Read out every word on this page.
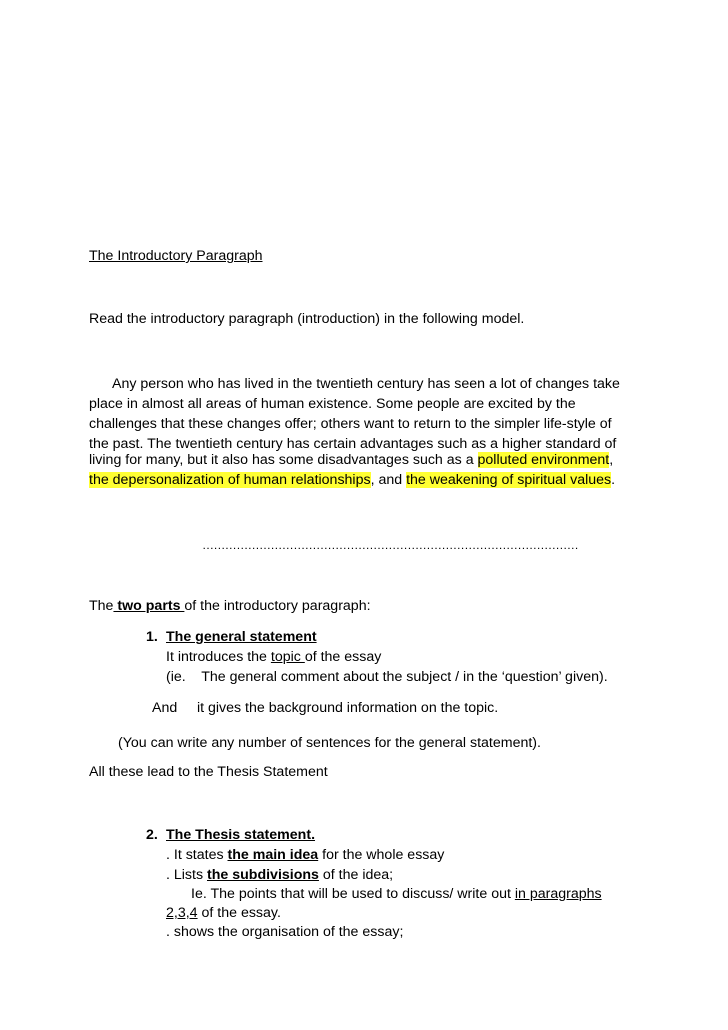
The Introductory Paragraph
Read the introductory paragraph (introduction) in the following model.
Any person who has lived in the twentieth century has seen a lot of changes take
place in almost all areas of human existence. Some people are excited by the
challenges that these changes offer; others want to return to the simpler life-style of
the past. The twentieth century has certain advantages such as a higher standard of
living for many, but it also has some disadvantages such as a polluted environment,
the depersonalization of human relationships, and the weakening of spiritual values.
………………………………………………………………………………………
The two parts of the introductory paragraph:
1. The general statement
It introduces the topic of the essay
(ie.    The general comment about the subject / in the ‘question’ given).
And     it gives the background information on the topic.
(You can write any number of sentences for the general statement).
All these lead to the Thesis Statement
2. The Thesis statement.
. It states the main idea for the whole essay
. Lists the subdivisions of the idea;
Ie. The points that will be used to discuss/ write out in paragraphs
2,3,4 of the essay.
. shows the organisation of the essay;
